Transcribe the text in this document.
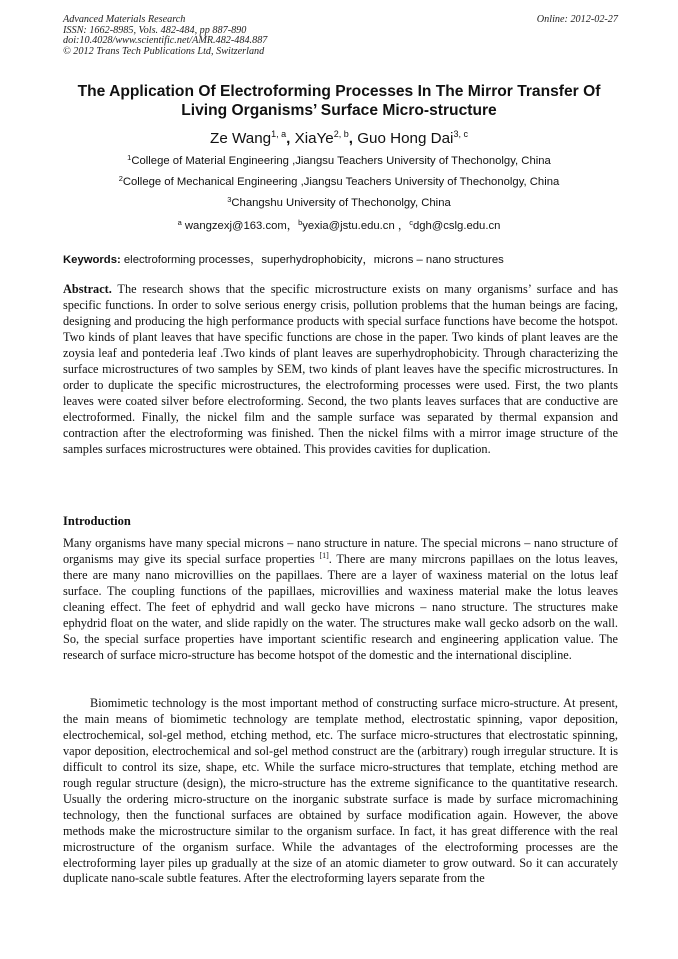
Advanced Materials Research
ISSN: 1662-8985, Vols. 482-484, pp 887-890
doi:10.4028/www.scientific.net/AMR.482-484.887
© 2012 Trans Tech Publications Ltd, Switzerland
Online: 2012-02-27
The Application Of Electroforming Processes In The Mirror Transfer Of
Living Organisms’ Surface Micro-structure
Ze Wang$^{1, a}$, XiaYe$^{2, b}$, Guo Hong Dai$^{3, c}$
$^1$College of Material Engineering ,Jiangsu Teachers University of Thechonolgy, China
$^2$College of Mechanical Engineering ,Jiangsu Teachers University of Thechonolgy, China
$^3$Changshu University of Thechonolgy, China
$^a$ wangzexj@163.com，$^b$yexia@jstu.edu.cn ，$^c$dgh@cslg.edu.cn
Keywords: electroforming processes，superhydrophobicity，microns – nano structures
Abstract. The research shows that the specific microstructure exists on many organisms’ surface and has specific functions. In order to solve serious energy crisis, pollution problems that the human beings are facing, designing and producing the high performance products with special surface functions have become the hotspot. Two kinds of plant leaves that have specific functions are chose in the paper. Two kinds of plant leaves are the zoysia leaf and pontederia leaf .Two kinds of plant leaves are superhydrophobicity. Through characterizing the surface microstructures of two samples by SEM, two kinds of plant leaves have the specific microstructures. In order to duplicate the specific microstructures, the electroforming processes were used. First, the two plants leaves were coated silver before electroforming. Second, the two plants leaves surfaces that are conductive are electroformed. Finally, the nickel film and the sample surface was separated by thermal expansion and contraction after the electroforming was finished. Then the nickel films with a mirror image structure of the samples surfaces microstructures were obtained. This provides cavities for duplication.
Introduction
Many organisms have many special microns – nano structure in nature. The special microns – nano structure of organisms may give its special surface properties [1]. There are many mircrons papillaes on the lotus leaves, there are many nano microvillies on the papillaes. There are a layer of waxiness material on the lotus leaf surface. The coupling functions of the papillaes, microvillies and waxiness material make the lotus leaves cleaning effect. The feet of ephydrid and wall gecko have microns – nano structure. The structures make ephydrid float on the water, and slide rapidly on the water. The structures make wall gecko adsorb on the wall. So, the special surface properties have important scientific research and engineering application value. The research of surface micro-structure has become hotspot of the domestic and the international discipline.
Biomimetic technology is the most important method of constructing surface micro-structure. At present, the main means of biomimetic technology are template method, electrostatic spinning, vapor deposition, electrochemical, sol-gel method, etching method, etc. The surface micro-structures that electrostatic spinning, vapor deposition, electrochemical and sol-gel method construct are the (arbitrary) rough irregular structure. It is difficult to control its size, shape, etc. While the surface micro-structures that template, etching method are rough regular structure (design), the micro-structure has the extreme significance to the quantitative research. Usually the ordering micro-structure on the inorganic substrate surface is made by surface micromachining technology, then the functional surfaces are obtained by surface modification again. However, the above methods make the microstructure similar to the organism surface. In fact, it has great difference with the real microstructure of the organism surface. While the advantages of the electroforming processes are the electroforming layer piles up gradually at the size of an atomic diameter to grow outward. So it can accurately duplicate nano-scale subtle features. After the electroforming layers separate from the
